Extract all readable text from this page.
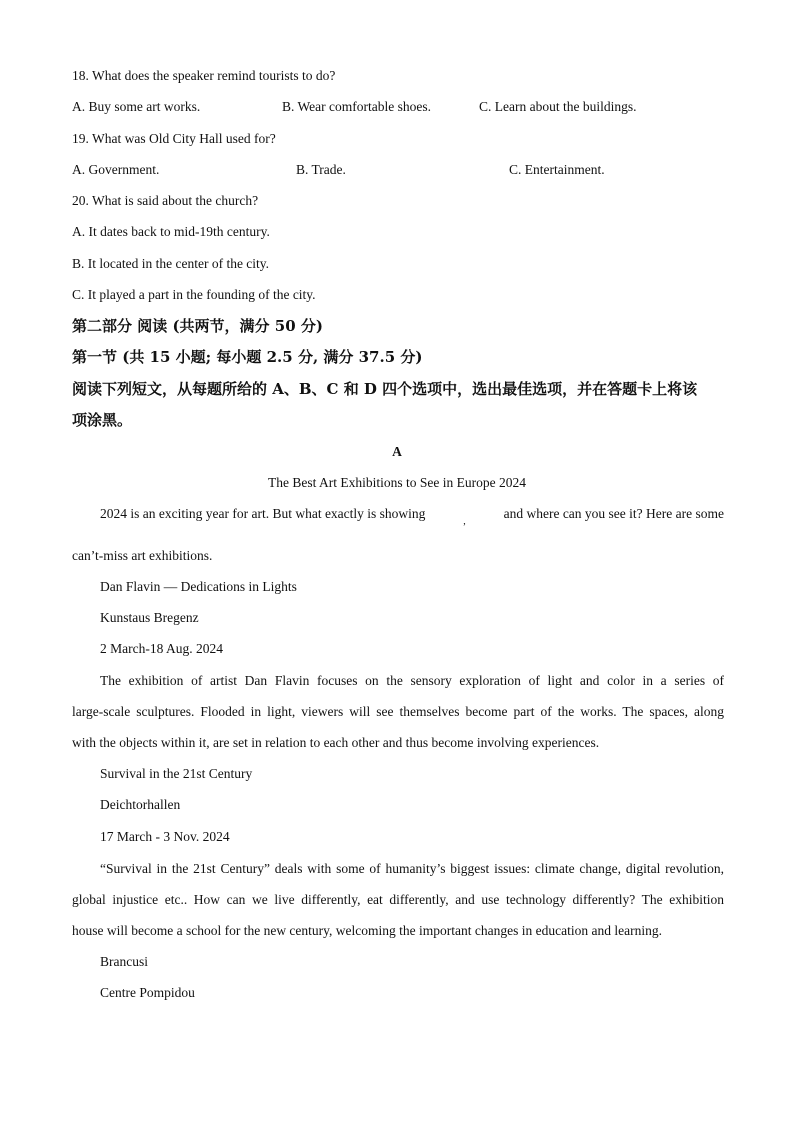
18. What does the speaker remind tourists to do?
A. Buy some art works.	B. Wear comfortable shoes.	C. Learn about the buildings.
19. What was Old City Hall used for?
A. Government.	B. Trade.	C. Entertainment.
20. What is said about the church?
A. It dates back to mid-19th century.
B. It located in the center of the city.
C. It played a part in the founding of the city.
第二部分 阅读 (共两节，满分 50 分)
第一节 (共 15 小题; 每小题 2.5 分, 满分 37.5 分)
阅读下列短文，从每题所给的 A、B、C 和 D 四个选项中，选出最佳选项，并在答题卡上将该
项涂黑。
A
The Best Art Exhibitions to See in Europe 2024
2024 is an exciting year for art. But what exactly is showing
,
and where can you see it? Here are some
can’t-miss art exhibitions.
Dan Flavin — Dedications in Lights
Kunstaus Bregenz
2 March-18 Aug. 2024
The exhibition of artist Dan Flavin focuses on the sensory exploration of light and color in a series of
large-scale sculptures. Flooded in light, viewers will see themselves become part of the works. The spaces, along
with the objects within it, are set in relation to each other and thus become involving experiences.
Survival in the 21st Century
Deichtorhallen
17 March - 3 Nov. 2024
“Survival in the 21st Century” deals with some of humanity’s biggest issues: climate change, digital revolution,
global injustice etc.. How can we live differently, eat differently, and use technology differently? The exhibition
house will become a school for the new century, welcoming the important changes in education and learning.
Brancusi
Centre Pompidou
